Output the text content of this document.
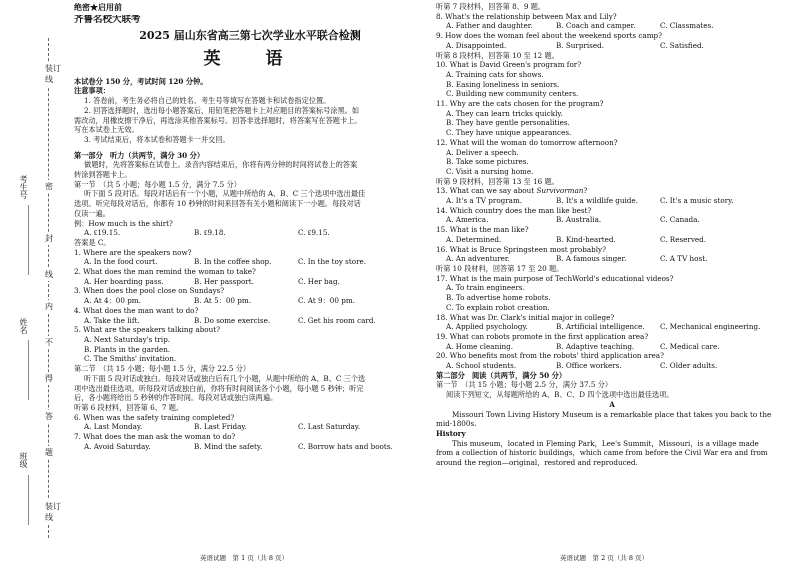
考生号
姓名
班级
装订线
密
封
线
内
不
得
答
题
装订线
绝密★启用前
齐鲁名校大联考
2025 届山东省高三第七次学业水平联合检测
英　语
本试卷分 150 分，考试时间 120 分钟。
注意事项：
1. 答卷前，考生务必将自己的姓名、考生号等填写在答题卡和试卷指定位置。
2. 回答选择题时，选出每小题答案后，用铅笔把答题卡上对应题目的答案标号涂黑。如
需改动，用橡皮擦干净后，再选涂其他答案标号。回答非选择题时，将答案写在答题卡上。
写在本试卷上无效。
3. 考试结束后，将本试卷和答题卡一并交回。
第一部分　听力（共两节，满分 30 分）
做题时，先将答案标在试卷上。录音内容结束后，你将有两分钟的时间将试卷上的答案
转涂到答题卡上。
第一节　（共 5 小题；每小题 1.5 分，满分 7.5 分）
听下面 5 段对话。每段对话后有一个小题，从题中所给的 A、B、C 三个选项中选出最佳
选项。听完每段对话后，你都有 10 秒钟的时间来回答有关小题和阅读下一小题。每段对话
仅读一遍。
例：How much is the shirt?
A. ₤19.15.	B. ₤9.18.	C. ₤9.15.
答案是 C。
1. Where are the speakers now?
A. In the food court.	B. In the coffee shop.	C. In the toy store.
2. What does the man remind the woman to take?
A. Her boarding pass.	B. Her passport.	C. Her bag.
3. When does the pool close on Sundays?
A. At 4：00 pm.	B. At 5：00 pm.	C. At 9：00 pm.
4. What does the man want to do?
A. Take the lift.	B. Do some exercise.	C. Get his room card.
5. What are the speakers talking about?
A. Next Saturday's trip.
B. Plants in the garden.
C. The Smiths' invitation.
第二节　（共 15 小题；每小题 1.5 分，满分 22.5 分）
听下面 5 段对话或独白。每段对话或独白后有几个小题，从题中所给的 A、B、C 三个选
项中选出最佳选项。听每段对话或独白前，你将有时间阅读各个小题，每小题 5 秒钟；听完
后，各小题将给出 5 秒钟的作答时间。每段对话或独白读两遍。
听第 6 段材料，回答第 6、7 题。
6. When was the safety training completed?
A. Last Monday.	B. Last Friday.	C. Last Saturday.
7. What does the man ask the woman to do?
A. Avoid Saturday.	B. Mind the safety.	C. Borrow hats and boots.
听第 7 段材料，回答第 8、9 题。
8. What's the relationship between Max and Lily?
A. Father and daughter.	B. Coach and camper.	C. Classmates.
9. How does the woman feel about the weekend sports camp?
A. Disappointed.	B. Surprised.	C. Satisfied.
听第 8 段材料，回答第 10 至 12 题。
10. What is David Green's program for?
A. Training cats for shows.
B. Easing loneliness in seniors.
C. Building new community centers.
11. Why are the cats chosen for the program?
A. They can learn tricks quickly.
B. They have gentle personalities.
C. They have unique appearances.
12. What will the woman do tomorrow afternoon?
A. Deliver a speech.
B. Take some pictures.
C. Visit a nursing home.
听第 9 段材料，回答第 13 至 16 题。
13. What can we say about Survivorman?
A. It's a TV program.	B. It's a wildlife guide.	C. It's a music story.
14. Which country does the man like best?
A. America.	B. Australia.	C. Canada.
15. What is the man like?
A. Determined.	B. Kind-hearted.	C. Reserved.
16. What is Bruce Springsteen most probably?
A. An adventurer.	B. A famous singer.	C. A TV host.
听第 10 段材料，回答第 17 至 20 题。
17. What is the main purpose of TechWorld's educational videos?
A. To train engineers.
B. To advertise home robots.
C. To explain robot creation.
18. What was Dr. Clark's initial major in college?
A. Applied psychology.	B. Artificial intelligence.	C. Mechanical engineering.
19. What can robots promote in the first application area?
A. Home cleaning.	B. Adaptive teaching.	C. Medical care.
20. Who benefits most from the robots' third application area?
A. School students.	B. Office workers.	C. Older adults.
第二部分　阅读（共两节，满分 50 分）
第一节　（共 15 小题；每小题 2.5 分，满分 37.5 分）
阅读下列短文，从每题所给的 A、B、C、D 四个选项中选出最佳选项。
A
Missouri Town Living History Museum is a remarkable place that takes you back to the
mid-1800s.
History
This museum，located in Fleming Park，Lee's Summit，Missouri，is a village made
from a collection of historic buildings，which came from before the Civil War era and from
around the region—original，restored and reproduced.
英语试题　第 1 页（共 8 页）	英语试题　第 2 页（共 8 页）
